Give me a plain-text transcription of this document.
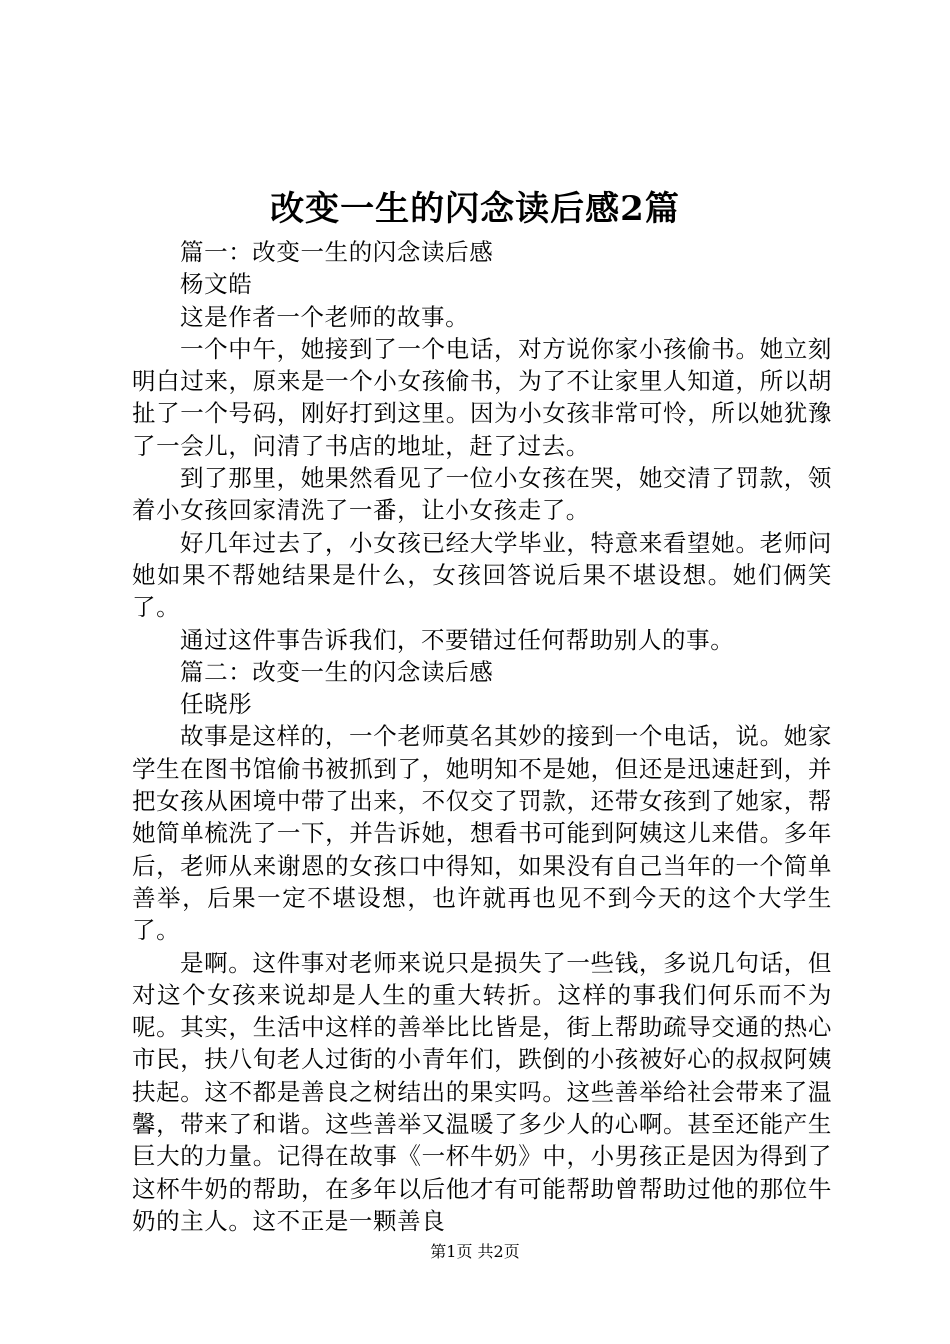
改变一生的闪念读后感2篇

篇一：改变一生的闪念读后感

杨文皓

这是作者一个老师的故事。

一个中午，她接到了一个电话，对方说你家小孩偷书。她立刻明白过来，原来是一个小女孩偷书，为了不让家里人知道，所以胡扯了一个号码，刚好打到这里。因为小女孩非常可怜，所以她犹豫了一会儿，问清了书店的地址，赶了过去。

到了那里，她果然看见了一位小女孩在哭，她交清了罚款，领着小女孩回家清洗了一番，让小女孩走了。

好几年过去了，小女孩已经大学毕业，特意来看望她。老师问她如果不帮她结果是什么，女孩回答说后果不堪设想。她们俩笑了。

通过这件事告诉我们，不要错过任何帮助别人的事。

篇二：改变一生的闪念读后感

任晓彤

故事是这样的，一个老师莫名其妙的接到一个电话，说。她家学生在图书馆偷书被抓到了，她明知不是她，但还是迅速赶到，并把女孩从困境中带了出来，不仅交了罚款，还带女孩到了她家，帮她简单梳洗了一下，并告诉她，想看书可能到阿姨这儿来借。多年后，老师从来谢恩的女孩口中得知，如果没有自己当年的一个简单善举，后果一定不堪设想，也许就再也见不到今天的这个大学生了。

是啊。这件事对老师来说只是损失了一些钱，多说几句话，但对这个女孩来说却是人生的重大转折。这样的事我们何乐而不为呢。其实，生活中这样的善举比比皆是，街上帮助疏导交通的热心市民，扶八旬老人过街的小青年们，跌倒的小孩被好心的叔叔阿姨扶起。这不都是善良之树结出的果实吗。这些善举给社会带来了温馨，带来了和谐。这些善举又温暖了多少人的心啊。甚至还能产生巨大的力量。记得在故事《一杯牛奶》中，小男孩正是因为得到了这杯牛奶的帮助，在多年以后他才有可能帮助曾帮助过他的那位牛奶的主人。这不正是一颗善良

第1页 共2页
